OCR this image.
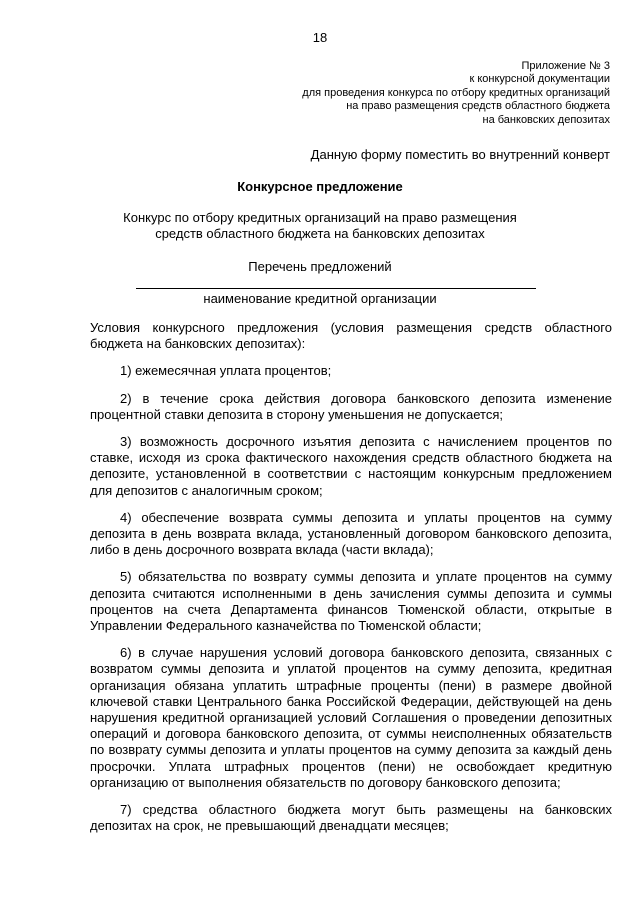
18
Приложение № 3
к конкурсной документации
для проведения конкурса по отбору кредитных организаций
на право размещения средств областного бюджета
на банковских депозитах
Данную форму поместить во внутренний конверт
Конкурсное предложение
Конкурс по отбору кредитных организаций на право размещения
средств областного бюджета на банковских депозитах
Перечень предложений
наименование кредитной организации

Условия конкурсного предложения (условия размещения средств областного бюджета на банковских депозитах):

1) ежемесячная уплата процентов;

2) в течение срока действия договора банковского депозита изменение процентной ставки депозита в сторону уменьшения не допускается;

3) возможность досрочного изъятия депозита с начислением процентов по ставке, исходя из срока фактического нахождения средств областного бюджета на депозите, установленной в соответствии с настоящим конкурсным предложением для депозитов с аналогичным сроком;

4) обеспечение возврата суммы депозита и уплаты процентов на сумму депозита в день возврата вклада, установленный договором банковского депозита, либо в день досрочного возврата вклада (части вклада);

5) обязательства по возврату суммы депозита и уплате процентов на сумму депозита считаются исполненными в день зачисления суммы депозита и суммы процентов на счета Департамента финансов Тюменской области, открытые в Управлении Федерального казначейства по Тюменской области;

6) в случае нарушения условий договора банковского депозита, связанных с возвратом суммы депозита и уплатой процентов на сумму депозита, кредитная организация обязана уплатить штрафные проценты (пени) в размере двойной ключевой ставки Центрального банка Российской Федерации, действующей на день нарушения кредитной организацией условий Соглашения о проведении депозитных операций и договора банковского депозита, от суммы неисполненных обязательств по возврату суммы депозита и уплаты процентов на сумму депозита за каждый день просрочки. Уплата штрафных процентов (пени) не освобождает кредитную организацию от выполнения обязательств по договору банковского депозита;

7) средства областного бюджета могут быть размещены на банковских депозитах на срок, не превышающий двенадцати месяцев;
